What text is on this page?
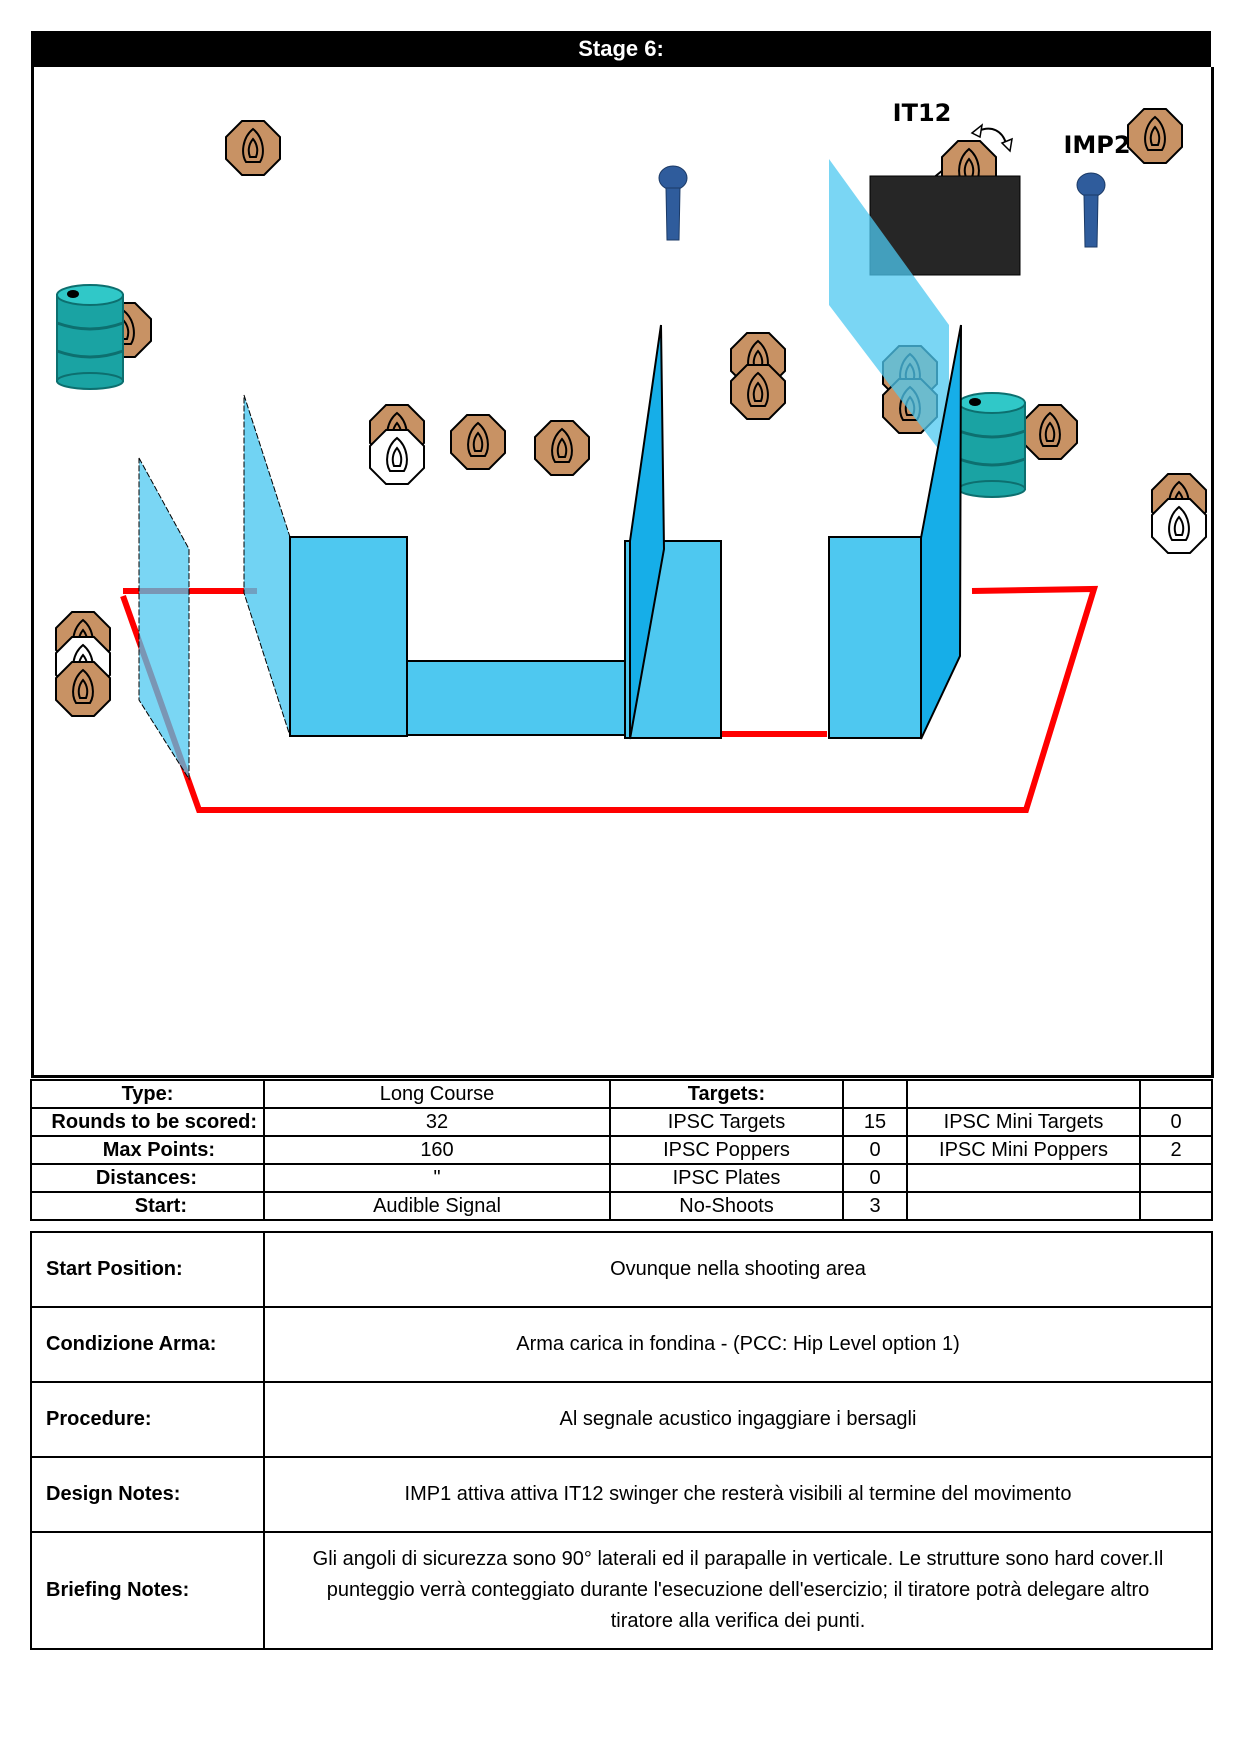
Stage 6:
IT12
IMP2
Type:	Long Course	Targets:			
Rounds to be scored:	32	IPSC Targets	15	IPSC Mini Targets	0
Max Points:	160	IPSC Poppers	0	IPSC Mini Poppers	2
Distances:	"	IPSC Plates	0		
Start:	Audible Signal	No-Shoots	3		
Start Position:	Ovunque nella shooting area
Condizione Arma:	Arma carica in fondina - (PCC: Hip Level option 1)
Procedure:	Al segnale acustico ingaggiare i bersagli
Design Notes:	IMP1 attiva attiva IT12 swinger che resterà visibili al termine del movimento
Briefing Notes:	Gli angoli di sicurezza sono 90° laterali ed il parapalle in verticale. Le strutture sono hard cover.Il punteggio verrà conteggiato durante l'esecuzione dell'esercizio; il tiratore potrà delegare altro tiratore alla verifica dei punti.
